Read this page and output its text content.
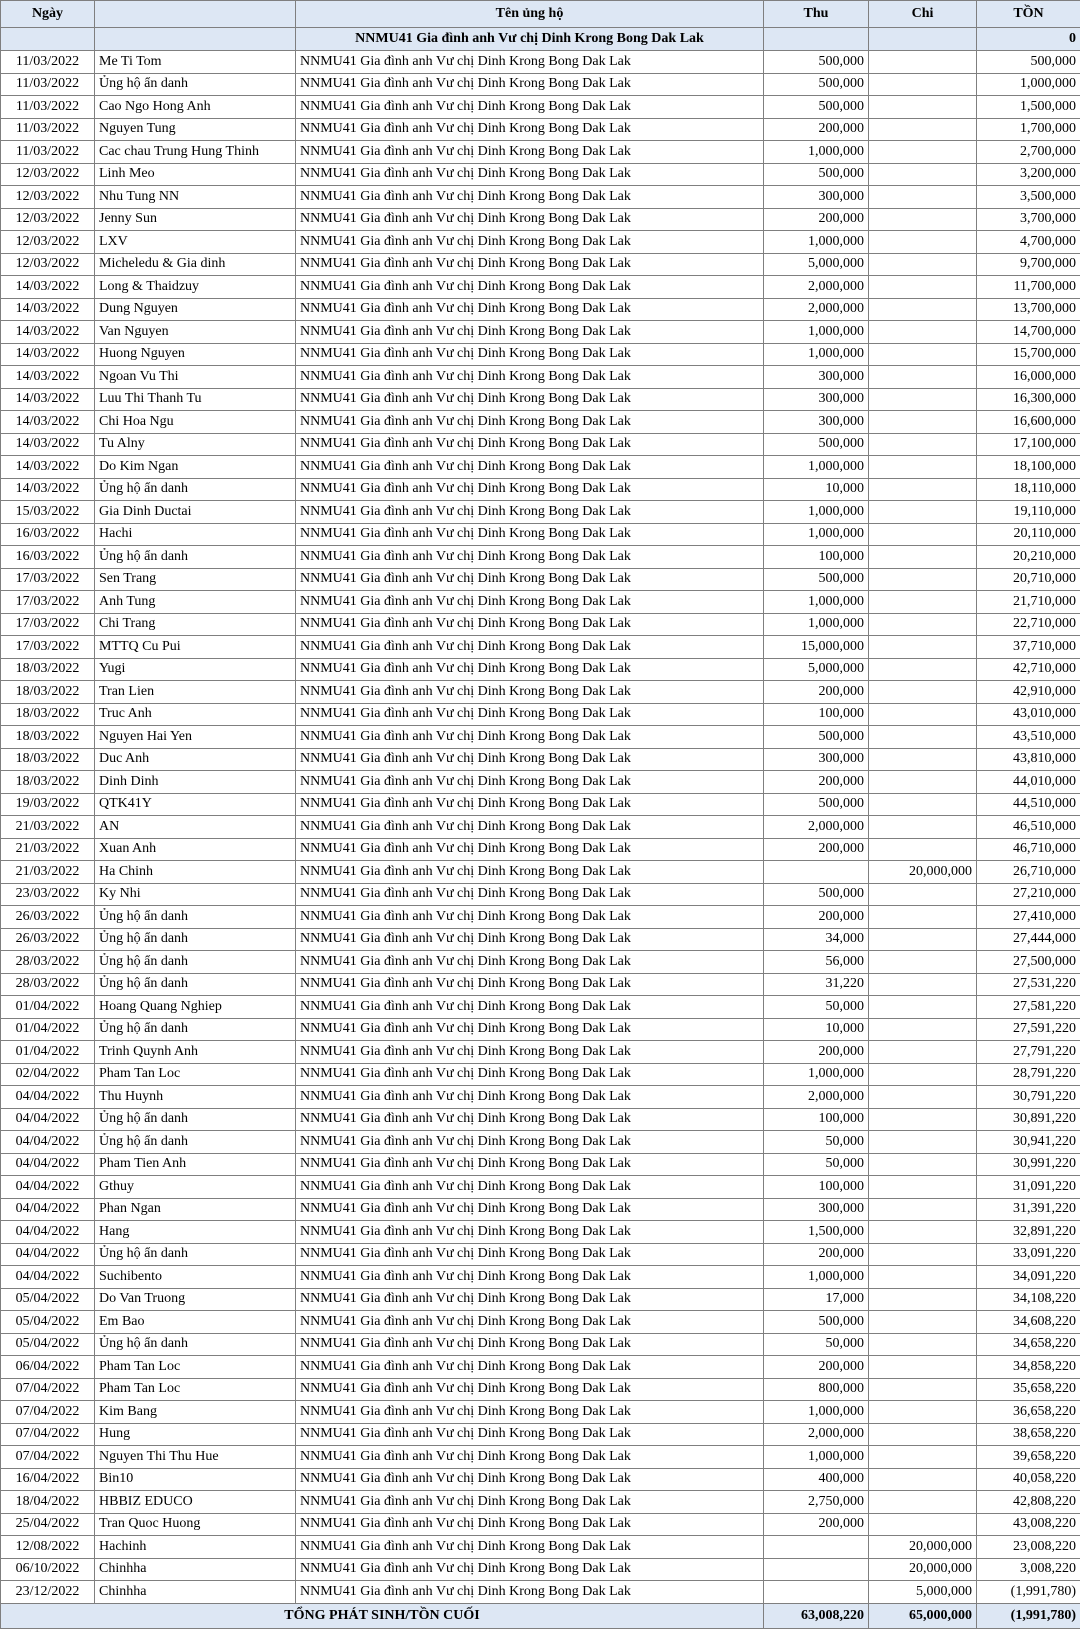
Ngày		Tên ủng hộ	Thu	Chi	TỒN
		NNMU41 Gia đình anh Vư chị Dinh Krong Bong Dak Lak			0
11/03/2022	Me Ti Tom	NNMU41 Gia đình anh Vư chị Dinh Krong Bong Dak Lak	500,000		500,000
11/03/2022	Ủng hộ ẩn danh	NNMU41 Gia đình anh Vư chị Dinh Krong Bong Dak Lak	500,000		1,000,000
11/03/2022	Cao Ngo Hong Anh	NNMU41 Gia đình anh Vư chị Dinh Krong Bong Dak Lak	500,000		1,500,000
11/03/2022	Nguyen Tung	NNMU41 Gia đình anh Vư chị Dinh Krong Bong Dak Lak	200,000		1,700,000
11/03/2022	Cac chau Trung Hung Thinh	NNMU41 Gia đình anh Vư chị Dinh Krong Bong Dak Lak	1,000,000		2,700,000
12/03/2022	Linh Meo	NNMU41 Gia đình anh Vư chị Dinh Krong Bong Dak Lak	500,000		3,200,000
12/03/2022	Nhu Tung NN	NNMU41 Gia đình anh Vư chị Dinh Krong Bong Dak Lak	300,000		3,500,000
12/03/2022	Jenny Sun	NNMU41 Gia đình anh Vư chị Dinh Krong Bong Dak Lak	200,000		3,700,000
12/03/2022	LXV	NNMU41 Gia đình anh Vư chị Dinh Krong Bong Dak Lak	1,000,000		4,700,000
12/03/2022	Micheledu & Gia dinh	NNMU41 Gia đình anh Vư chị Dinh Krong Bong Dak Lak	5,000,000		9,700,000
14/03/2022	Long & Thaidzuy	NNMU41 Gia đình anh Vư chị Dinh Krong Bong Dak Lak	2,000,000		11,700,000
14/03/2022	Dung Nguyen	NNMU41 Gia đình anh Vư chị Dinh Krong Bong Dak Lak	2,000,000		13,700,000
14/03/2022	Van Nguyen	NNMU41 Gia đình anh Vư chị Dinh Krong Bong Dak Lak	1,000,000		14,700,000
14/03/2022	Huong Nguyen	NNMU41 Gia đình anh Vư chị Dinh Krong Bong Dak Lak	1,000,000		15,700,000
14/03/2022	Ngoan Vu Thi	NNMU41 Gia đình anh Vư chị Dinh Krong Bong Dak Lak	300,000		16,000,000
14/03/2022	Luu Thi Thanh Tu	NNMU41 Gia đình anh Vư chị Dinh Krong Bong Dak Lak	300,000		16,300,000
14/03/2022	Chi Hoa Ngu	NNMU41 Gia đình anh Vư chị Dinh Krong Bong Dak Lak	300,000		16,600,000
14/03/2022	Tu Alny	NNMU41 Gia đình anh Vư chị Dinh Krong Bong Dak Lak	500,000		17,100,000
14/03/2022	Do Kim Ngan	NNMU41 Gia đình anh Vư chị Dinh Krong Bong Dak Lak	1,000,000		18,100,000
14/03/2022	Ủng hộ ẩn danh	NNMU41 Gia đình anh Vư chị Dinh Krong Bong Dak Lak	10,000		18,110,000
15/03/2022	Gia Dinh Ductai	NNMU41 Gia đình anh Vư chị Dinh Krong Bong Dak Lak	1,000,000		19,110,000
16/03/2022	Hachi	NNMU41 Gia đình anh Vư chị Dinh Krong Bong Dak Lak	1,000,000		20,110,000
16/03/2022	Ủng hộ ẩn danh	NNMU41 Gia đình anh Vư chị Dinh Krong Bong Dak Lak	100,000		20,210,000
17/03/2022	Sen Trang	NNMU41 Gia đình anh Vư chị Dinh Krong Bong Dak Lak	500,000		20,710,000
17/03/2022	Anh Tung	NNMU41 Gia đình anh Vư chị Dinh Krong Bong Dak Lak	1,000,000		21,710,000
17/03/2022	Chi Trang	NNMU41 Gia đình anh Vư chị Dinh Krong Bong Dak Lak	1,000,000		22,710,000
17/03/2022	MTTQ Cu Pui	NNMU41 Gia đình anh Vư chị Dinh Krong Bong Dak Lak	15,000,000		37,710,000
18/03/2022	Yugi	NNMU41 Gia đình anh Vư chị Dinh Krong Bong Dak Lak	5,000,000		42,710,000
18/03/2022	Tran Lien	NNMU41 Gia đình anh Vư chị Dinh Krong Bong Dak Lak	200,000		42,910,000
18/03/2022	Truc Anh	NNMU41 Gia đình anh Vư chị Dinh Krong Bong Dak Lak	100,000		43,010,000
18/03/2022	Nguyen Hai Yen	NNMU41 Gia đình anh Vư chị Dinh Krong Bong Dak Lak	500,000		43,510,000
18/03/2022	Duc Anh	NNMU41 Gia đình anh Vư chị Dinh Krong Bong Dak Lak	300,000		43,810,000
18/03/2022	Dinh Dinh	NNMU41 Gia đình anh Vư chị Dinh Krong Bong Dak Lak	200,000		44,010,000
19/03/2022	QTK41Y	NNMU41 Gia đình anh Vư chị Dinh Krong Bong Dak Lak	500,000		44,510,000
21/03/2022	AN	NNMU41 Gia đình anh Vư chị Dinh Krong Bong Dak Lak	2,000,000		46,510,000
21/03/2022	Xuan Anh	NNMU41 Gia đình anh Vư chị Dinh Krong Bong Dak Lak	200,000		46,710,000
21/03/2022	Ha Chinh	NNMU41 Gia đình anh Vư chị Dinh Krong Bong Dak Lak		20,000,000	26,710,000
23/03/2022	Ky Nhi	NNMU41 Gia đình anh Vư chị Dinh Krong Bong Dak Lak	500,000		27,210,000
26/03/2022	Ủng hộ ẩn danh	NNMU41 Gia đình anh Vư chị Dinh Krong Bong Dak Lak	200,000		27,410,000
26/03/2022	Ủng hộ ẩn danh	NNMU41 Gia đình anh Vư chị Dinh Krong Bong Dak Lak	34,000		27,444,000
28/03/2022	Ủng hộ ẩn danh	NNMU41 Gia đình anh Vư chị Dinh Krong Bong Dak Lak	56,000		27,500,000
28/03/2022	Ủng hộ ẩn danh	NNMU41 Gia đình anh Vư chị Dinh Krong Bong Dak Lak	31,220		27,531,220
01/04/2022	Hoang Quang Nghiep	NNMU41 Gia đình anh Vư chị Dinh Krong Bong Dak Lak	50,000		27,581,220
01/04/2022	Ủng hộ ẩn danh	NNMU41 Gia đình anh Vư chị Dinh Krong Bong Dak Lak	10,000		27,591,220
01/04/2022	Trinh Quynh Anh	NNMU41 Gia đình anh Vư chị Dinh Krong Bong Dak Lak	200,000		27,791,220
02/04/2022	Pham Tan Loc	NNMU41 Gia đình anh Vư chị Dinh Krong Bong Dak Lak	1,000,000		28,791,220
04/04/2022	Thu Huynh	NNMU41 Gia đình anh Vư chị Dinh Krong Bong Dak Lak	2,000,000		30,791,220
04/04/2022	Ủng hộ ẩn danh	NNMU41 Gia đình anh Vư chị Dinh Krong Bong Dak Lak	100,000		30,891,220
04/04/2022	Ủng hộ ẩn danh	NNMU41 Gia đình anh Vư chị Dinh Krong Bong Dak Lak	50,000		30,941,220
04/04/2022	Pham Tien Anh	NNMU41 Gia đình anh Vư chị Dinh Krong Bong Dak Lak	50,000		30,991,220
04/04/2022	Gthuy	NNMU41 Gia đình anh Vư chị Dinh Krong Bong Dak Lak	100,000		31,091,220
04/04/2022	Phan Ngan	NNMU41 Gia đình anh Vư chị Dinh Krong Bong Dak Lak	300,000		31,391,220
04/04/2022	Hang	NNMU41 Gia đình anh Vư chị Dinh Krong Bong Dak Lak	1,500,000		32,891,220
04/04/2022	Ủng hộ ẩn danh	NNMU41 Gia đình anh Vư chị Dinh Krong Bong Dak Lak	200,000		33,091,220
04/04/2022	Suchibento	NNMU41 Gia đình anh Vư chị Dinh Krong Bong Dak Lak	1,000,000		34,091,220
05/04/2022	Do Van Truong	NNMU41 Gia đình anh Vư chị Dinh Krong Bong Dak Lak	17,000		34,108,220
05/04/2022	Em Bao	NNMU41 Gia đình anh Vư chị Dinh Krong Bong Dak Lak	500,000		34,608,220
05/04/2022	Ủng hộ ẩn danh	NNMU41 Gia đình anh Vư chị Dinh Krong Bong Dak Lak	50,000		34,658,220
06/04/2022	Pham Tan Loc	NNMU41 Gia đình anh Vư chị Dinh Krong Bong Dak Lak	200,000		34,858,220
07/04/2022	Pham Tan Loc	NNMU41 Gia đình anh Vư chị Dinh Krong Bong Dak Lak	800,000		35,658,220
07/04/2022	Kim Bang	NNMU41 Gia đình anh Vư chị Dinh Krong Bong Dak Lak	1,000,000		36,658,220
07/04/2022	Hung	NNMU41 Gia đình anh Vư chị Dinh Krong Bong Dak Lak	2,000,000		38,658,220
07/04/2022	Nguyen Thi Thu Hue	NNMU41 Gia đình anh Vư chị Dinh Krong Bong Dak Lak	1,000,000		39,658,220
16/04/2022	Bin10	NNMU41 Gia đình anh Vư chị Dinh Krong Bong Dak Lak	400,000		40,058,220
18/04/2022	HBBIZ EDUCO	NNMU41 Gia đình anh Vư chị Dinh Krong Bong Dak Lak	2,750,000		42,808,220
25/04/2022	Tran Quoc Huong	NNMU41 Gia đình anh Vư chị Dinh Krong Bong Dak Lak	200,000		43,008,220
12/08/2022	Hachinh	NNMU41 Gia đình anh Vư chị Dinh Krong Bong Dak Lak		20,000,000	23,008,220
06/10/2022	Chinhha	NNMU41 Gia đình anh Vư chị Dinh Krong Bong Dak Lak		20,000,000	3,008,220
23/12/2022	Chinhha	NNMU41 Gia đình anh Vư chị Dinh Krong Bong Dak Lak		5,000,000	(1,991,780)
TỔNG PHÁT SINH/TỒN CUỐI			63,008,220	65,000,000	(1,991,780)
